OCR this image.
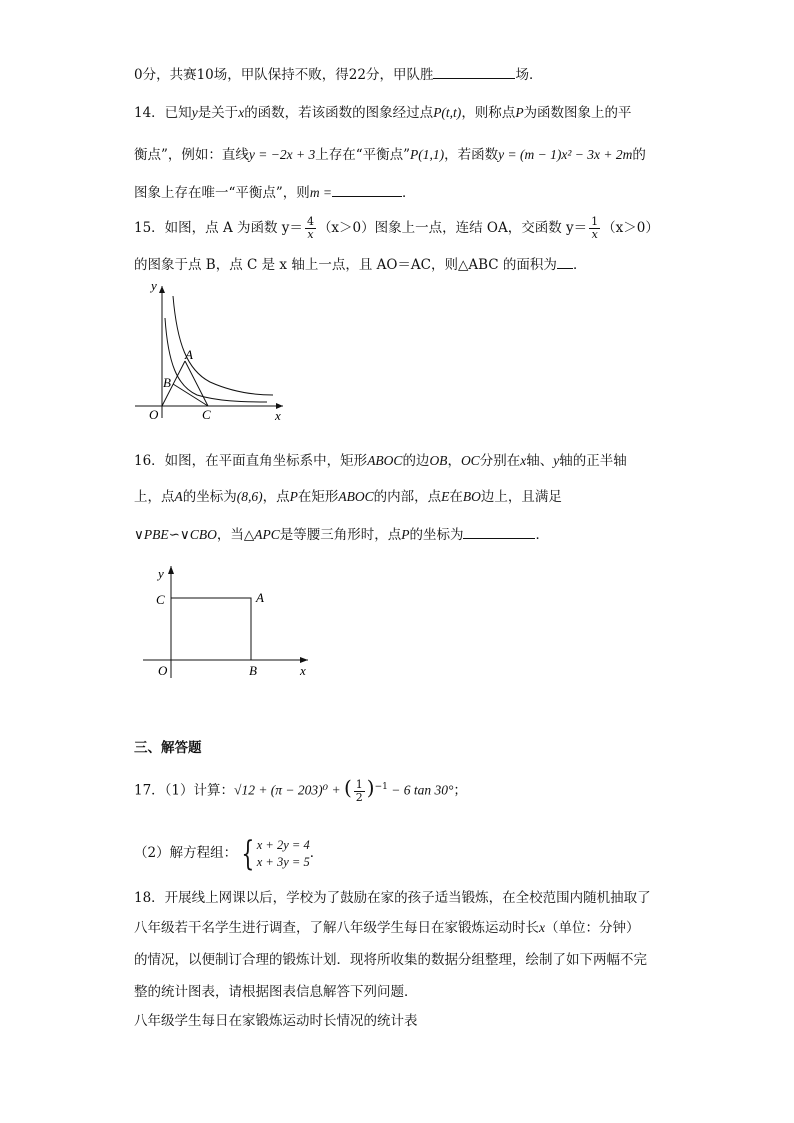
0分，共赛10场，甲队保持不败，得22分，甲队胜	场．
14．已知y是关于x的函数，若该函数的图象经过点P(t,t)，则称点P为函数图象上的平
衡点”，例如：直线y = −2x + 3上存在“平衡点”P(1,1)，若函数y = (m − 1)x² − 3x + 2m的
图象上存在唯一“平衡点”，则m =	．
15．如图，点 A 为函数 $y= \frac{4}{x} (x>0)$图象上一点，连结 OA，交函数 $y= \frac{1}{x} (x>0)$
的图象于点 B，点 C 是 x 轴上一点，且 AO＝AC，则△ABC 的面积为 ．
y
x
O
A
B
C
16．如图，在平面直角坐标系中，矩形ABOC的边OB，OC分别在x轴、y轴的正半轴
上，点A的坐标为(8,6)，点P在矩形ABOC的内部，点E在BO边上，且满足
∨PBE∽∨CBO，当△APC是等腰三角形时，点P的坐标为	．
y
x
O
C	A
B
三、解答题
17．（1）计算：√12 + (π − 203)⁰ + ( $\frac{1}{2} )^{-1} - 6$ tan 30°；
（2）解方程组： { x + 2y = 4
x + 3y = 5
．
18．开展线上网课以后，学校为了鼓励在家的孩子适当锻炼，在全校范围内随机抽取了
八年级若干名学生进行调查，了解八年级学生每日在家锻炼运动时长x（单位：分钟）
的情况，以便制订合理的锻炼计划．现将所收集的数据分组整理，绘制了如下两幅不完
整的统计图表，请根据图表信息解答下列问题．
八年级学生每日在家锻炼运动时长情况的统计表
